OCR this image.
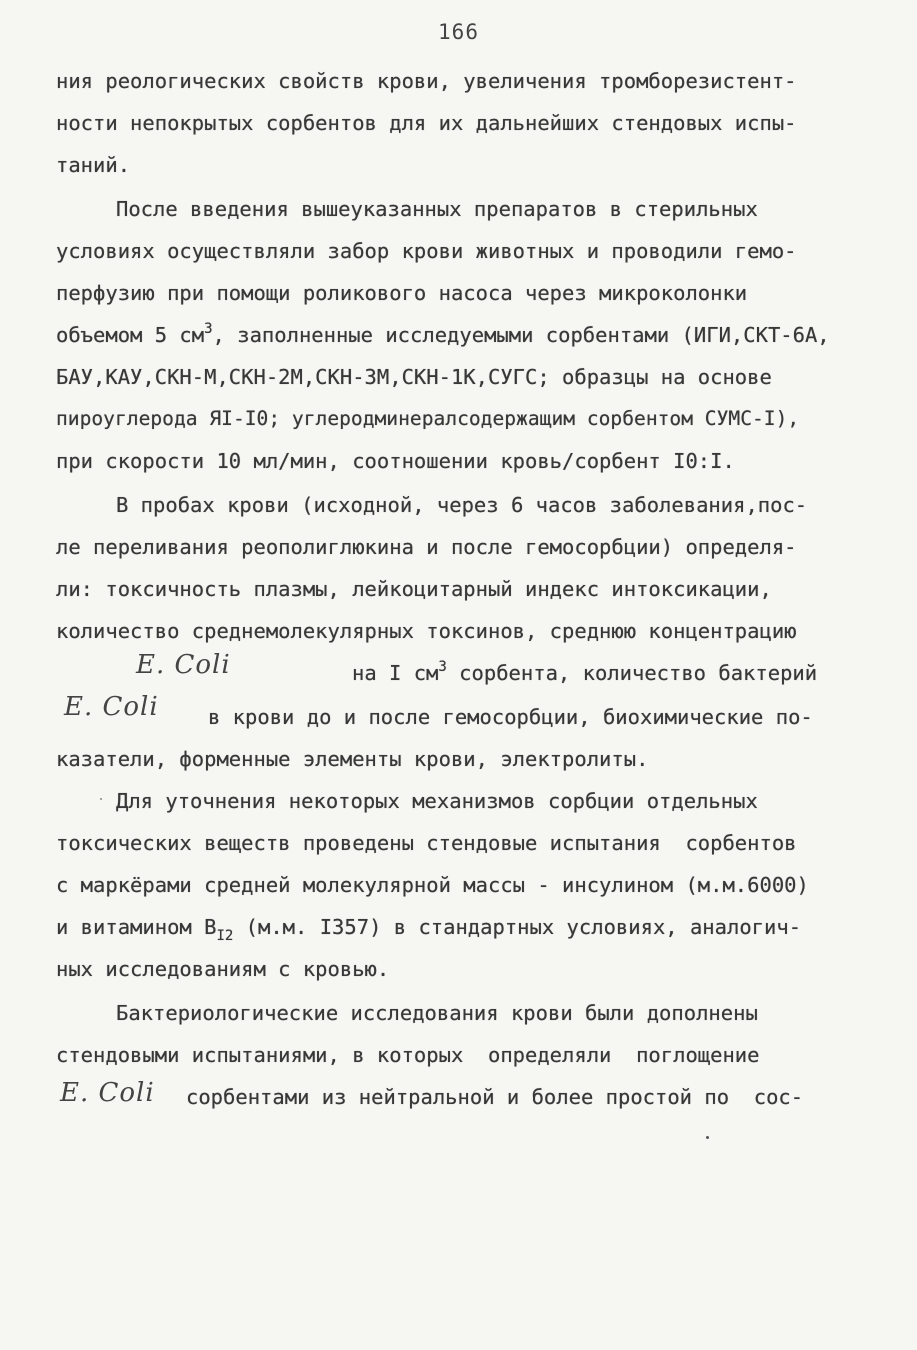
166
ния реологических свойств крови, увеличения тромборезистент-
ности непокрытых сорбентов для их дальнейших стендовых испы-
таний.
После введения вышеуказанных препаратов в стерильных
условиях осуществляли забор крови животных и проводили гемо-
перфузию при помощи роликового насоса через микроколонки
объемом 5 $см^3$, заполненные исследуемыми сорбентами (ИГИ,СКТ-6А,
БАУ,КАУ,СКН-М,СКН-2М,СКН-3М,СКН-1К,СУГС; образцы на основе
пироуглерода ЯI-I0; углеродминералсодержащим сорбентом СУМС-I),
при скорости 10 мл/мин, соотношении кровь/сорбент I0:I.
В пробах крови (исходной, через 6 часов заболевания,пос-
ле переливания реополиглюкина и после гемосорбции) определя-
ли: токсичность плазмы, лейкоцитарный индекс интоксикации,
количество среднемолекулярных токсинов, среднюю концентрацию
E. Coli	на I $см^3$ сорбента, количество бактерий
E. Coli в крови до и после гемосорбции, биохимические по-
казатели, форменные элементы крови, электролиты.
Для уточнения некоторых механизмов сорбции отдельных
токсических веществ проведены стендовые испытания  сорбентов
с маркёрами средней молекулярной массы - инсулином (м.м.6000)
и витамином $В_{I2}$ (м.м. I357) в стандартных условиях, аналогич-
ных исследованиям с кровью.
Бактериологические исследования крови были дополнены
стендовыми испытаниями, в которых  определяли  поглощение
E. Coli сорбентами из нейтральной и более простой по  сос-
